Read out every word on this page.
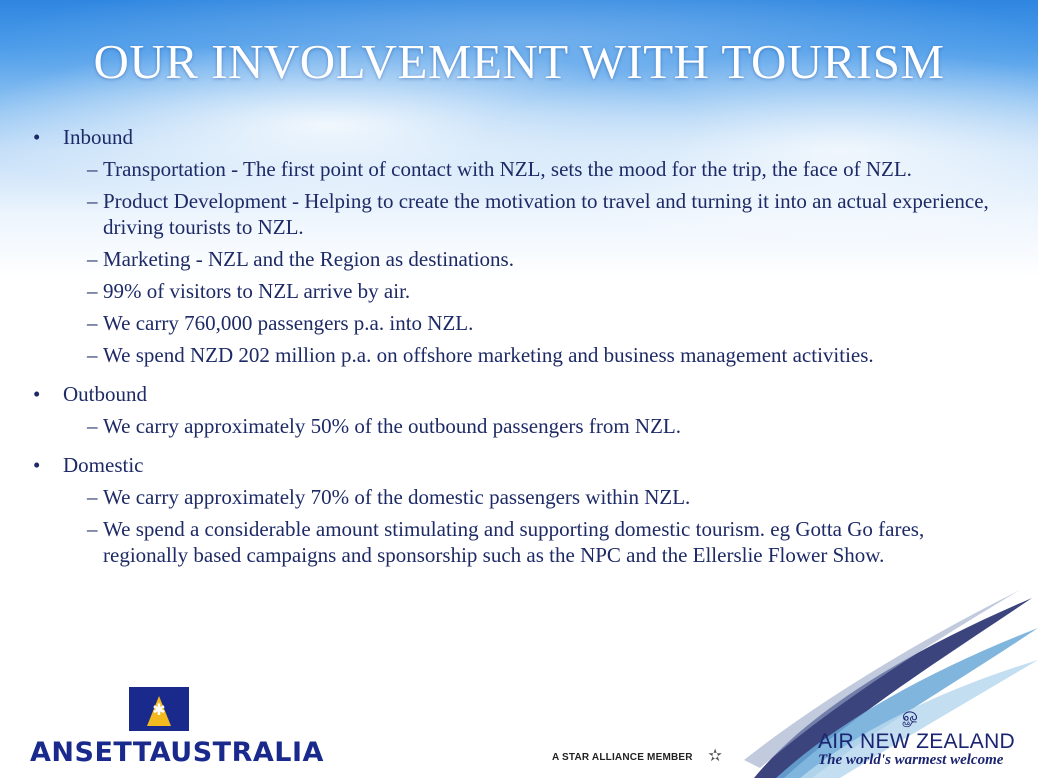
OUR INVOLVEMENT WITH TOURISM
• Inbound
– Transportation - The first point of contact with NZL, sets the mood for the trip, the face of NZL.
– Product Development - Helping to create the motivation to travel and turning it into an actual experience, driving tourists to NZL.
– Marketing - NZL and the Region as destinations.
– 99% of visitors to NZL arrive by air.
– We carry 760,000 passengers p.a. into NZL.
– We spend NZD 202 million p.a. on offshore marketing and business management activities.
• Outbound
– We carry approximately 50% of the outbound passengers from NZL.
• Domestic
– We carry approximately 70% of the domestic passengers within NZL.
– We spend a considerable amount stimulating and supporting domestic tourism. eg Gotta Go fares, regionally based campaigns and sponsorship such as the NPC and the Ellerslie Flower Show.
✱
ANSETTAUSTRALIA	A STAR ALLIANCE MEMBER ✫
ௐ
AIR NEW ZEALAND
The world's warmest welcome
